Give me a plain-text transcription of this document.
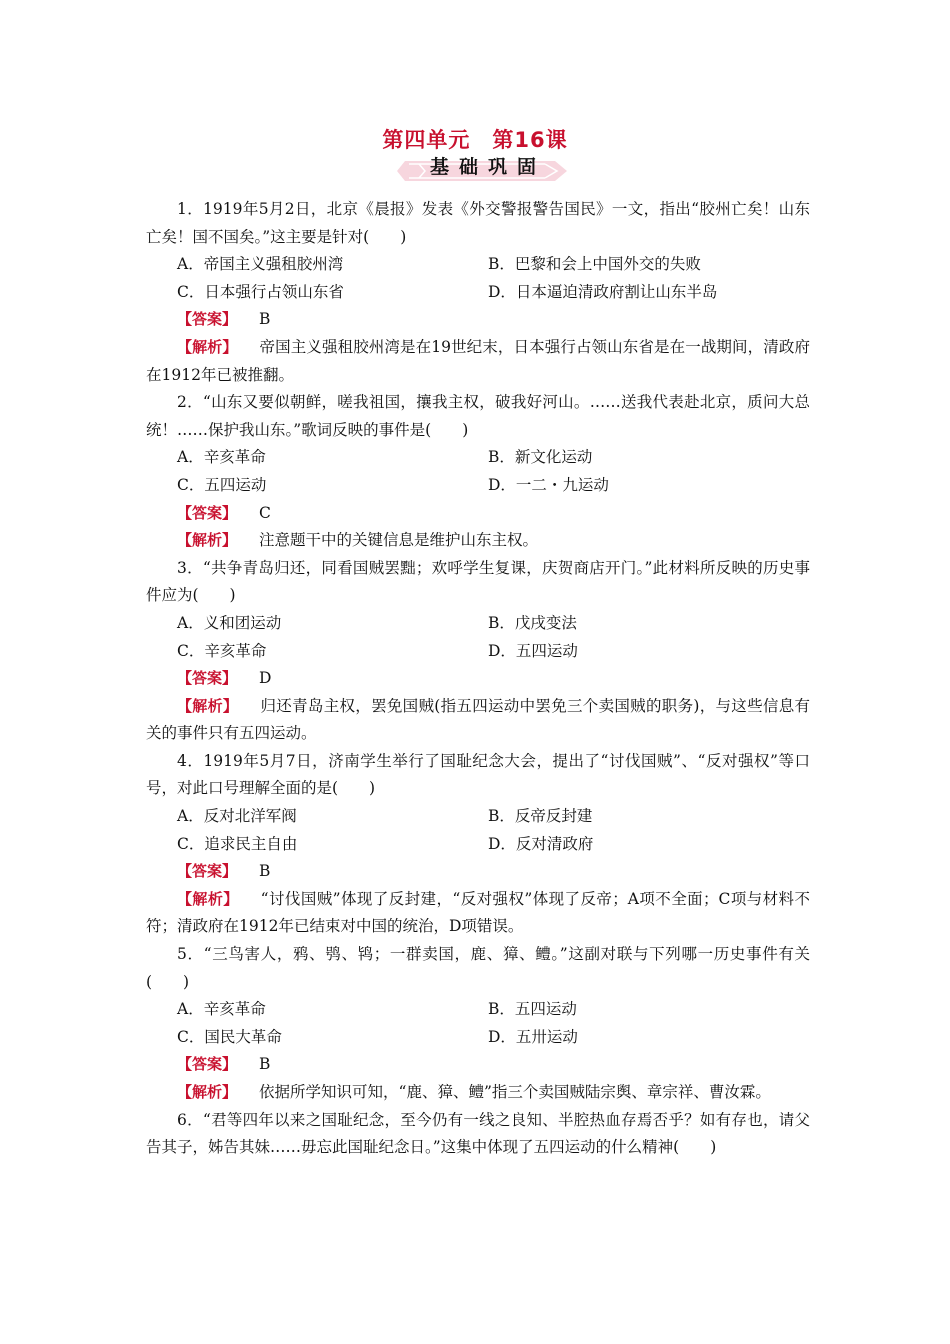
第四单元　第16课
基础巩固

1．1919年5月2日，北京《晨报》发表《外交警报警告国民》一文，指出“胶州亡矣！山东亡矣！国不国矣。”这主要是针对(　　)

A．帝国主义强租胶州湾	B．巴黎和会上中国外交的失败
C．日本强行占领山东省	D．日本逼迫清政府割让山东半岛
【答案】 B

【解析】 帝国主义强租胶州湾是在19世纪末，日本强行占领山东省是在一战期间，清政府在1912年已被推翻。

2．“山东又要似朝鲜，嗟我祖国，攘我主权，破我好河山。……送我代表赴北京，质问大总统！……保护我山东。”歌词反映的事件是(　　)

A．辛亥革命	B．新文化运动
C．五四运动	D．一二・九运动
【答案】 C

【解析】 注意题干中的关键信息是维护山东主权。

3．“共争青岛归还，同看国贼罢黜；欢呼学生复课，庆贺商店开门。”此材料所反映的历史事件应为(　　)

A．义和团运动	B．戊戌变法
C．辛亥革命	D．五四运动
【答案】 D

【解析】 归还青岛主权，罢免国贼(指五四运动中罢免三个卖国贼的职务)，与这些信息有关的事件只有五四运动。

4．1919年5月7日，济南学生举行了国耻纪念大会，提出了“讨伐国贼”、“反对强权”等口号，对此口号理解全面的是(　　)

A．反对北洋军阀	B．反帝反封建
C．追求民主自由	D．反对清政府
【答案】 B

【解析】 “讨伐国贼”体现了反封建，“反对强权”体现了反帝；A项不全面；C项与材料不符；清政府在1912年已结束对中国的统治，D项错误。

5．“三鸟害人，鸦、鸮、鸨；一群卖国，鹿、獐、鳢。”这副对联与下列哪一历史事件有关(　　)

A．辛亥革命	B．五四运动
C．国民大革命	D．五卅运动
【答案】 B

【解析】 依据所学知识可知，“鹿、獐、鳢”指三个卖国贼陆宗舆、章宗祥、曹汝霖。

6．“君等四年以来之国耻纪念，至今仍有一线之良知、半腔热血存焉否乎？如有存也，请父告其子，姊告其妹……毋忘此国耻纪念日。”这集中体现了五四运动的什么精神(　　)
